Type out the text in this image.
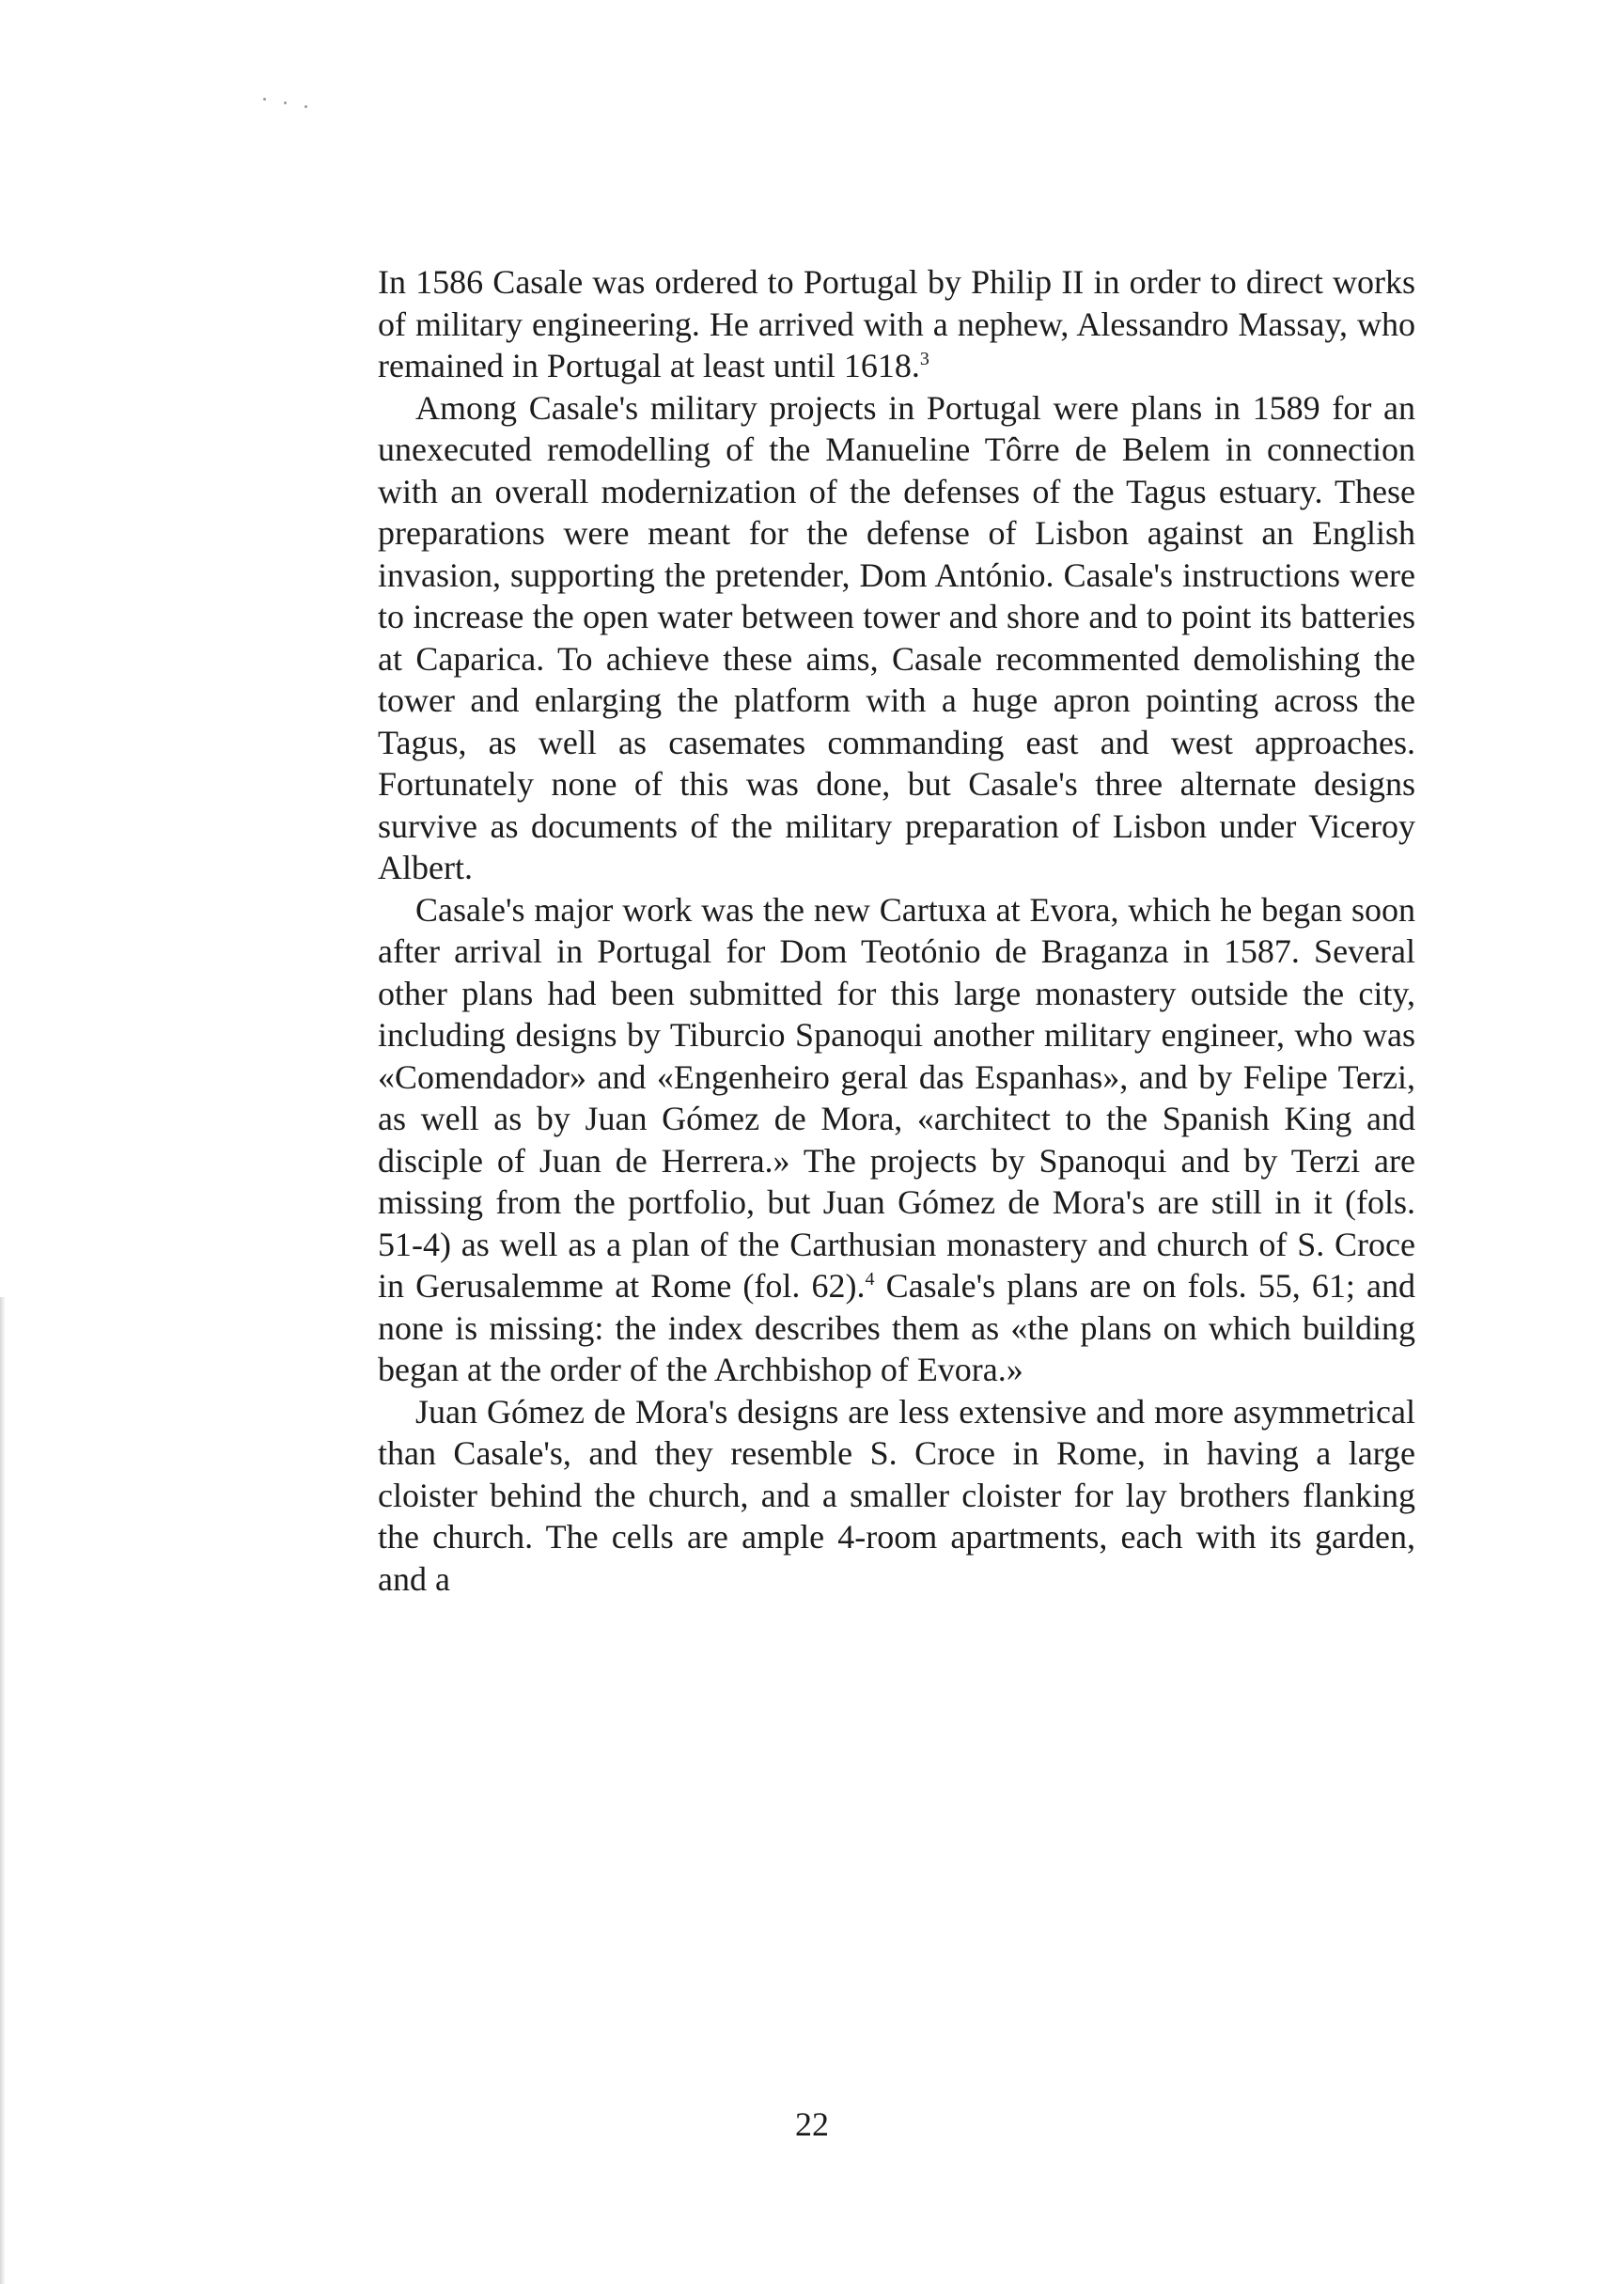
In 1586 Casale was ordered to Portugal by Philip II in order to direct works of military engineering. He arrived with a nephew, Alessandro Massay, who remained in Portugal at least until 1618.$^3$

Among Casale's military projects in Portugal were plans in 1589 for an unexecuted remodelling of the Manueline Tôrre de Belem in connection with an overall modernization of the defenses of the Tagus estuary. These preparations were meant for the defense of Lisbon against an English invasion, supporting the pretender, Dom António. Casale's instructions were to increase the open water between tower and shore and to point its batteries at Caparica. To achieve these aims, Casale recommented demolishing the tower and enlarging the platform with a huge apron pointing across the Tagus, as well as casemates commanding east and west approaches. Fortunately none of this was done, but Casale's three alternate designs survive as documents of the military preparation of Lisbon under Viceroy Albert.

Casale's major work was the new Cartuxa at Evora, which he began soon after arrival in Portugal for Dom Teotónio de Braganza in 1587. Several other plans had been submitted for this large monastery outside the city, including designs by Tiburcio Spanoqui another military engineer, who was «Comendador» and «Engenheiro geral das Espanhas», and by Felipe Terzi, as well as by Juan Gómez de Mora, «architect to the Spanish King and disciple of Juan de Herrera.» The projects by Spanoqui and by Terzi are missing from the portfolio, but Juan Gómez de Mora's are still in it (fols. 51-4) as well as a plan of the Carthusian monastery and church of S. Croce in Gerusalemme at Rome (fol. 62).$^4$ Casale's plans are on fols. 55, 61; and none is missing: the index describes them as «the plans on which building began at the order of the Archbishop of Evora.»

Juan Gómez de Mora's designs are less extensive and more asymmetrical than Casale's, and they resemble S. Croce in Rome, in having a large cloister behind the church, and a smaller cloister for lay brothers flanking the church. The cells are ample 4-room apartments, each with its garden, and a

22
